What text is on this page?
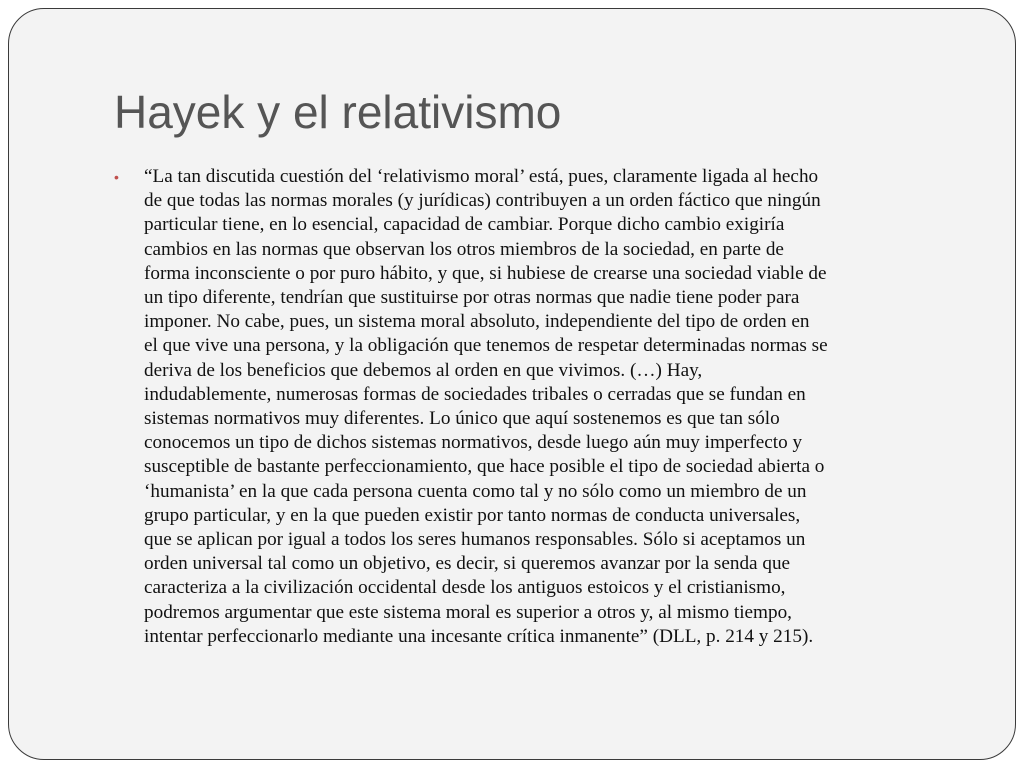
Hayek y el relativismo
•	“La tan discutida cuestión del ‘relativismo moral’ está, pues, claramente ligada al hecho
de que todas las normas morales (y jurídicas) contribuyen a un orden fáctico que ningún
particular tiene, en lo esencial, capacidad de cambiar. Porque dicho cambio exigiría
cambios en las normas que observan los otros miembros de la sociedad, en parte de
forma inconsciente o por puro hábito, y que, si hubiese de crearse una sociedad viable de
un tipo diferente, tendrían que sustituirse por otras normas que nadie tiene poder para
imponer. No cabe, pues, un sistema moral absoluto, independiente del tipo de orden en
el que vive una persona, y la obligación que tenemos de respetar determinadas normas se
deriva de los beneficios que debemos al orden en que vivimos. (…) Hay,
indudablemente, numerosas formas de sociedades tribales o cerradas que se fundan en
sistemas normativos muy diferentes. Lo único que aquí sostenemos es que tan sólo
conocemos un tipo de dichos sistemas normativos, desde luego aún muy imperfecto y
susceptible de bastante perfeccionamiento, que hace posible el tipo de sociedad abierta o
‘humanista’ en la que cada persona cuenta como tal y no sólo como un miembro de un
grupo particular, y en la que pueden existir por tanto normas de conducta universales,
que se aplican por igual a todos los seres humanos responsables. Sólo si aceptamos un
orden universal tal como un objetivo, es decir, si queremos avanzar por la senda que
caracteriza a la civilización occidental desde los antiguos estoicos y el cristianismo,
podremos argumentar que este sistema moral es superior a otros y, al mismo tiempo,
intentar perfeccionarlo mediante una incesante crítica inmanente” (DLL, p. 214 y 215).
